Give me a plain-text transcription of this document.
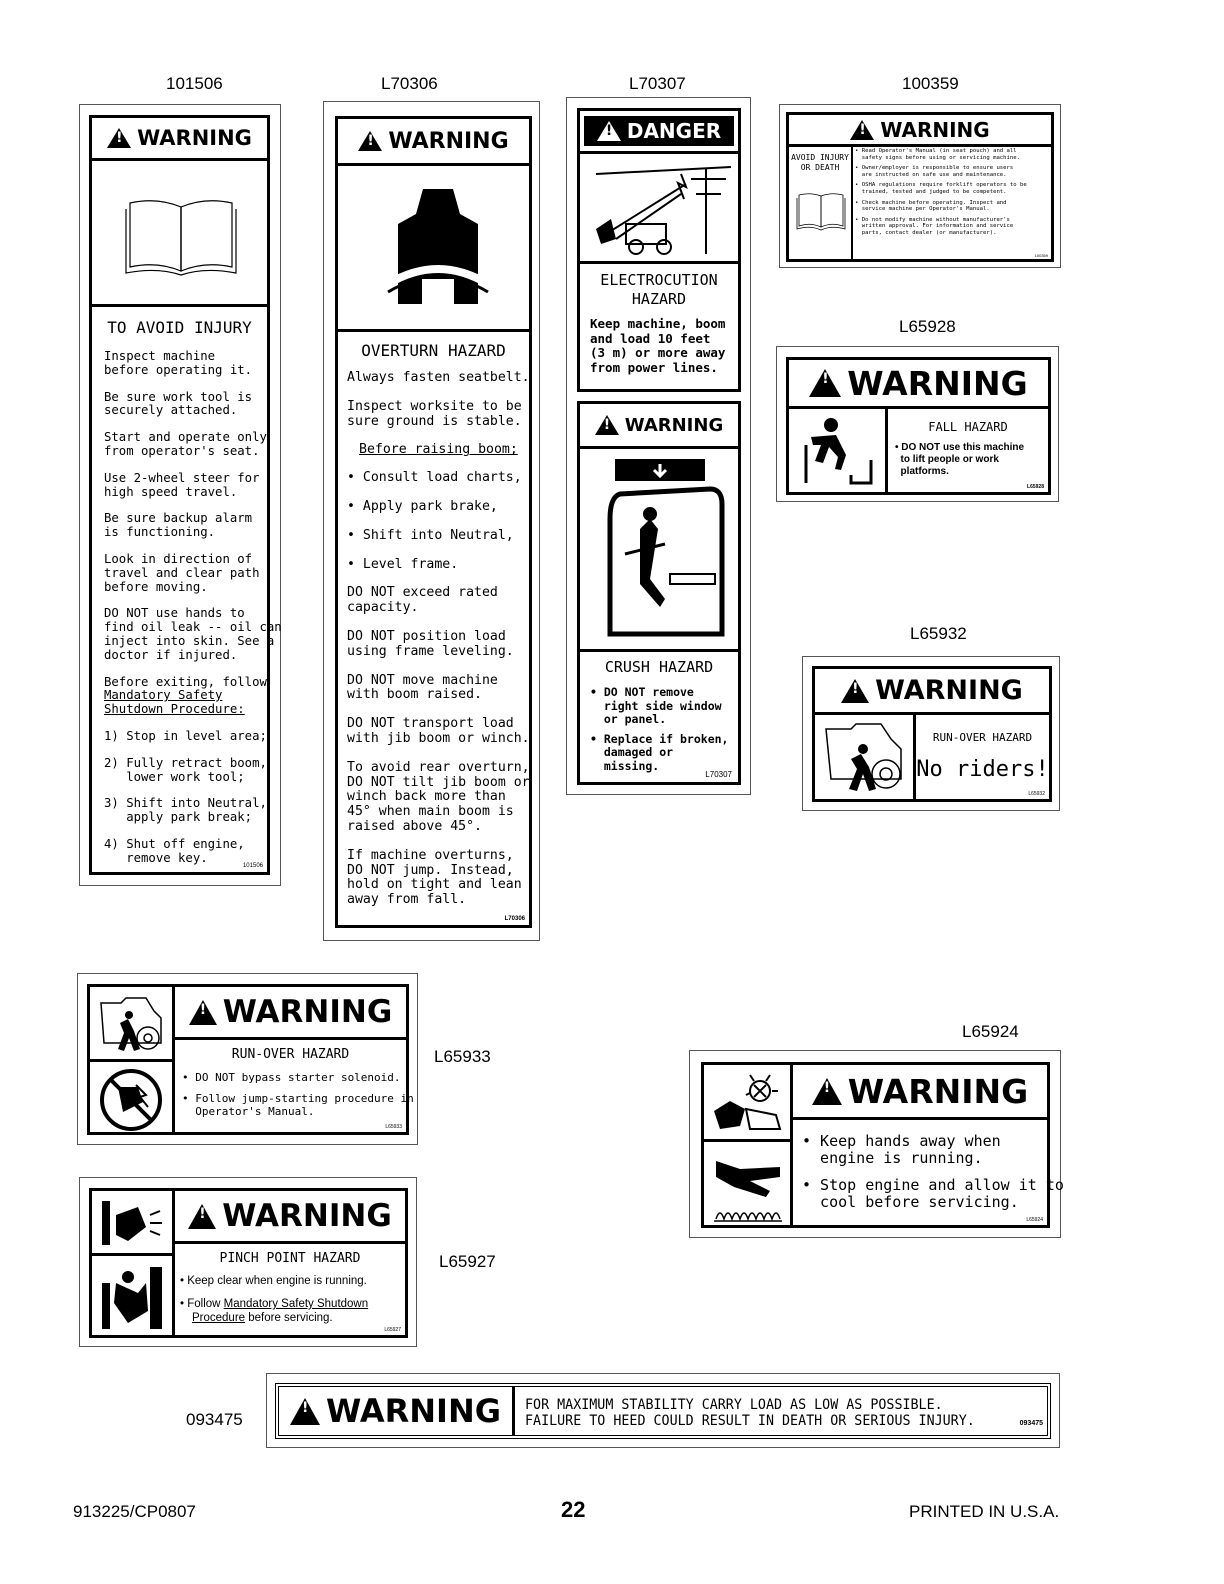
101506	L70306	L70307	100359
L65928
L65932
L65933
L65924
L65927
093475
!
WARNING
TO AVOID INJURY
Inspect machine
before operating it.
Be sure work tool is
securely attached.
Start and operate only
from operator's seat.
Use 2-wheel steer for
high speed travel.
Be sure backup alarm
is functioning.
Look in direction of
travel and clear path
before moving.
DO NOT use hands to
find oil leak -- oil can
inject into skin. See a
doctor if injured.
Before exiting, follow
Mandatory Safety
Shutdown Procedure:
1) Stop in level area;
2) Fully retract boom,
lower work tool;
3) Shift into Neutral,
apply park break;
4) Shut off engine,
remove key.
101506
!
WARNING
OVERTURN HAZARD
Always fasten seatbelt.
Inspect worksite to be
sure ground is stable.
Before raising boom;
• Consult load charts,
• Apply park brake,
• Shift into Neutral,
• Level frame.
DO NOT exceed rated
capacity.
DO NOT position load
using frame leveling.
DO NOT move machine
with boom raised.
DO NOT transport load
with jib boom or winch.
To avoid rear overturn,
DO NOT tilt jib boom or
winch back more than
45° when main boom is
raised above 45°.
If machine overturns,
DO NOT jump. Instead,
hold on tight and lean
away from fall.
L70306
!
DANGER
ELECTROCUTION
HAZARD
Keep machine, boom
and load 10 feet
(3 m) or more away
from power lines.
!
WARNING
CRUSH HAZARD
• DO NOT remove
right side window
or panel.
• Replace if broken,
damaged or
missing.
L70307
!
WARNING
AVOID INJURY
OR DEATH
• Read Operator's Manual (in seat pouch) and all
safety signs before using or servicing machine.
• Owner/employer is responsible to ensure users
are instructed on safe use and maintenance.
• OSHA regulations require forklift operators to be
trained, tested and judged to be competent.
• Check machine before operating. Inspect and
service machine per Operator's Manual.
• Do not modify machine without manufacturer's
written approval. For information and service
parts, contact dealer (or manufacturer).
100359
!
WARNING
FALL HAZARD
• DO NOT use this machine
to lift people or work
platforms.
L65928
!
WARNING
RUN-OVER HAZARD
No riders!
L65932
!
WARNING
RUN-OVER HAZARD
• DO NOT bypass starter solenoid.
• Follow jump-starting procedure in
Operator's Manual.
L65933
!
WARNING
PINCH POINT HAZARD
• Keep clear when engine is running.
• Follow Mandatory Safety Shutdown
Procedure before servicing.
L65927
!
WARNING
• Keep hands away when
engine is running.
• Stop engine and allow it to
cool before servicing.
L65924
!
WARNING FOR MAXIMUM STABILITY CARRY LOAD AS LOW AS POSSIBLE.
FAILURE TO HEED COULD RESULT IN DEATH OR SERIOUS INJURY.	093475
913225/CP0807	22	PRINTED IN U.S.A.
